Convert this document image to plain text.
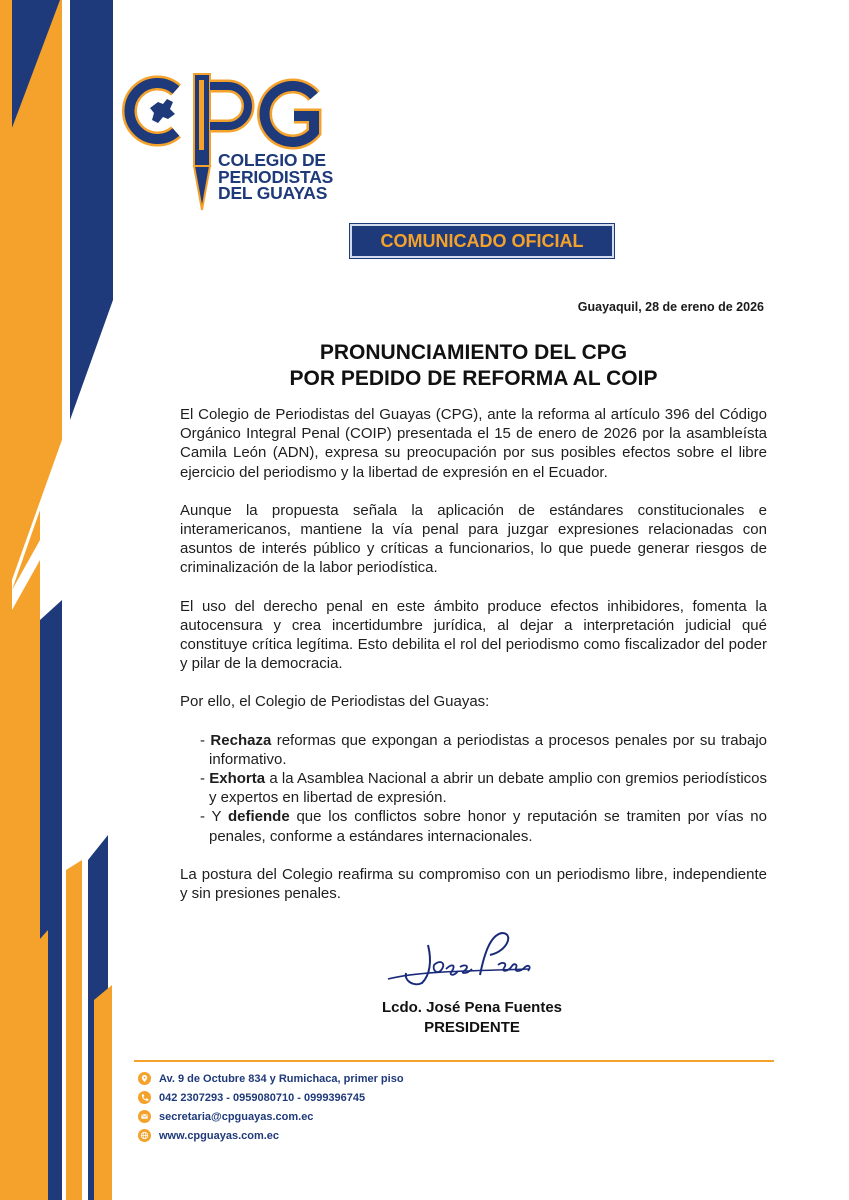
CPG
COLEGIO DE
PERIODISTAS
DEL GUAYAS
COMUNICADO OFICIAL
Guayaquil, 28 de ereno de 2026
PRONUNCIAMIENTO DEL CPG
POR PEDIDO DE REFORMA AL COIP

El Colegio de Periodistas del Guayas (CPG), ante la reforma al artículo 396 del Código Orgánico Integral Penal (COIP) presentada el 15 de enero de 2026 por la asambleísta Camila León (ADN), expresa su preocupación por sus posibles efectos sobre el libre ejercicio del periodismo y la libertad de expresión en el Ecuador.

Aunque la propuesta señala la aplicación de estándares constitucionales e interamericanos, mantiene la vía penal para juzgar expresiones relacionadas con asuntos de interés público y críticas a funcionarios, lo que puede generar riesgos de criminalización de la labor periodística.

El uso del derecho penal en este ámbito produce efectos inhibidores, fomenta la autocensura y crea incertidumbre jurídica, al dejar a interpretación judicial qué constituye crítica legítima. Esto debilita el rol del periodismo como fiscalizador del poder y pilar de la democracia.

Por ello, el Colegio de Periodistas del Guayas:

- Rechaza reformas que expongan a periodistas a procesos penales por su trabajo informativo.
- Exhorta a la Asamblea Nacional a abrir un debate amplio con gremios periodísticos y expertos en libertad de expresión.
- Y defiende que los conflictos sobre honor y reputación se tramiten por vías no penales, conforme a estándares internacionales.

La postura del Colegio reafirma su compromiso con un periodismo libre, independiente y sin presiones penales.

Lcdo. José Pena Fuentes
PRESIDENTE
Av. 9 de Octubre 834 y Rumichaca, primer piso
042 2307293 - 0959080710 - 0999396745
secretaria@cpguayas.com.ec
www.cpguayas.com.ec
